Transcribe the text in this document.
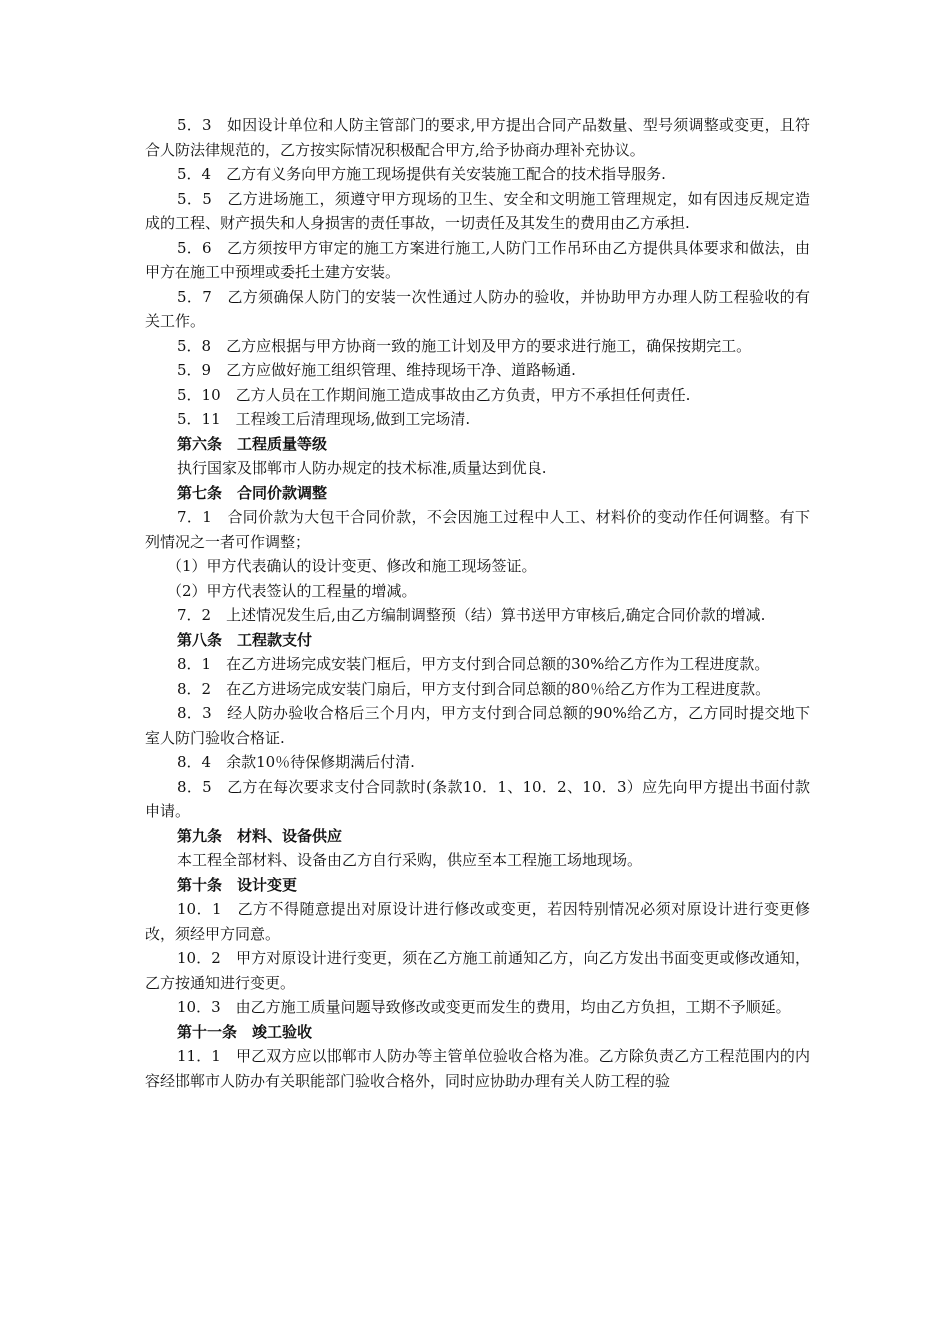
5．3　如因设计单位和人防主管部门的要求,甲方提出合同产品数量、型号须调整或变更，且符合人防法律规范的，乙方按实际情况积极配合甲方,给予协商办理补充协议。

5．4　乙方有义务向甲方施工现场提供有关安装施工配合的技术指导服务.

5．5　乙方进场施工，须遵守甲方现场的卫生、安全和文明施工管理规定，如有因违反规定造成的工程、财产损失和人身损害的责任事故，一切责任及其发生的费用由乙方承担.

5．6　乙方须按甲方审定的施工方案进行施工,人防门工作吊环由乙方提供具体要求和做法，由甲方在施工中预埋或委托土建方安装。

5．7　乙方须确保人防门的安装一次性通过人防办的验收，并协助甲方办理人防工程验收的有关工作。

5．8　乙方应根据与甲方协商一致的施工计划及甲方的要求进行施工，确保按期完工。

5．9　乙方应做好施工组织管理、维持现场干净、道路畅通.

5．10　乙方人员在工作期间施工造成事故由乙方负责，甲方不承担任何责任.

5．11　工程竣工后清理现场,做到工完场清.

第六条　工程质量等级

执行国家及邯郸市人防办规定的技术标准,质量达到优良.

第七条　合同价款调整

7．1　合同价款为大包干合同价款，不会因施工过程中人工、材料价的变动作任何调整。有下列情况之一者可作调整；

（1）甲方代表确认的设计变更、修改和施工现场签证。

（2）甲方代表签认的工程量的增减。

7．2　上述情况发生后,由乙方编制调整预（结）算书送甲方审核后,确定合同价款的增减.

第八条　工程款支付

8．1　在乙方进场完成安装门框后，甲方支付到合同总额的30%给乙方作为工程进度款。

8．2　在乙方进场完成安装门扇后，甲方支付到合同总额的80％给乙方作为工程进度款。

8．3　经人防办验收合格后三个月内，甲方支付到合同总额的90%给乙方，乙方同时提交地下室人防门验收合格证.

8．4　余款10％待保修期满后付清.

8．5　乙方在每次要求支付合同款时(条款10．1、10．2、10．3）应先向甲方提出书面付款申请。

第九条　材料、设备供应

本工程全部材料、设备由乙方自行采购，供应至本工程施工场地现场。

第十条　设计变更

10．1　乙方不得随意提出对原设计进行修改或变更，若因特别情况必须对原设计进行变更修改，须经甲方同意。

10．2　甲方对原设计进行变更，须在乙方施工前通知乙方，向乙方发出书面变更或修改通知，乙方按通知进行变更。

10．3　由乙方施工质量问题导致修改或变更而发生的费用，均由乙方负担，工期不予顺延。

第十一条　竣工验收

11．1　甲乙双方应以邯郸市人防办等主管单位验收合格为准。乙方除负责乙方工程范围内的内容经邯郸市人防办有关职能部门验收合格外，同时应协助办理有关人防工程的验
